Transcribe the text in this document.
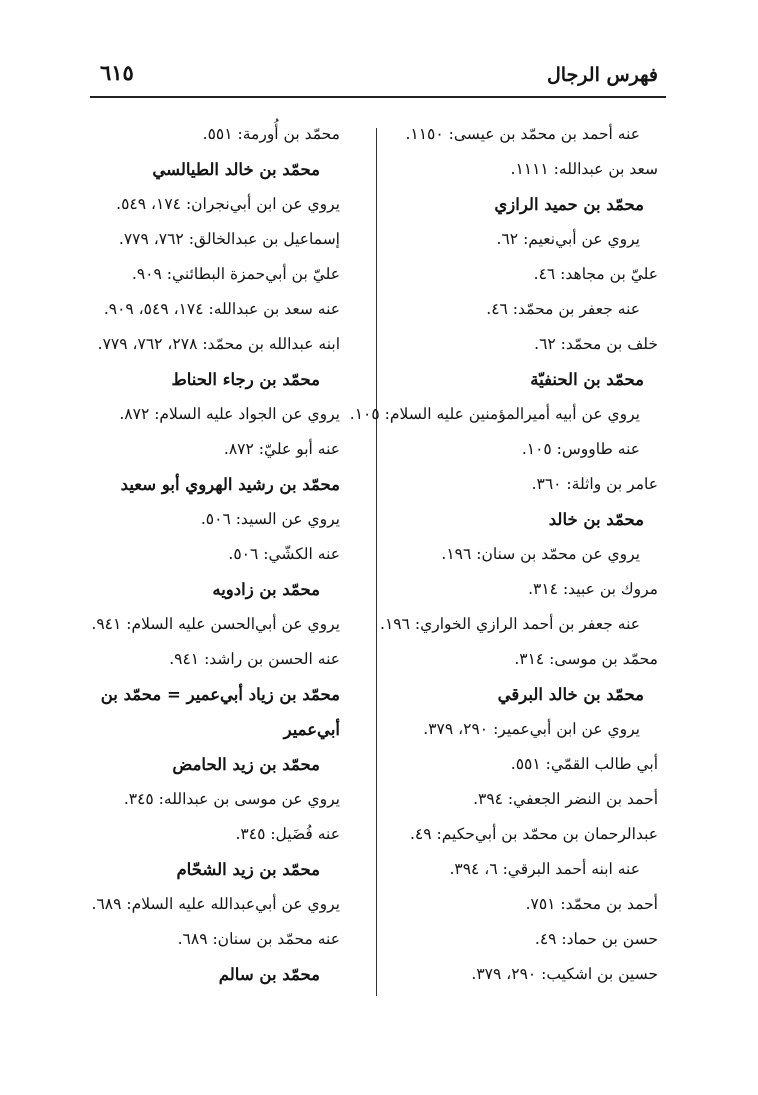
فهرس الرجال
٦١٥
عنه أحمد بن محمّد بن عيسى: ١١٥٠.
سعد بن عبدالله: ١١١١.
محمّد بن حميد الرازي
يروي عن أبي‌نعيم: ٦٢.
عليّ بن مجاهد: ٤٦.
عنه جعفر بن محمّد: ٤٦.
خلف بن محمّد: ٦٢.
محمّد بن الحنفيّة
يروي عن أبيه أميرالمؤمنين عليه السلام: ١٠٥.
عنه طاووس: ١٠٥.
عامر بن واثلة: ٣٦٠.
محمّد بن خالد
يروي عن محمّد بن سنان: ١٩٦.
مروك بن عبيد: ٣١٤.
عنه جعفر بن أحمد الرازي الخواري: ١٩٦.
محمّد بن موسى: ٣١٤.
محمّد بن خالد البرقي
يروي عن ابن أبي‌عمير: ٢٩٠، ٣٧٩.
أبي طالب القمّي: ٥٥١.
أحمد بن النضر الجعفي: ٣٩٤.
عبدالرحمان بن محمّد بن أبي‌حكيم: ٤٩.
عنه ابنه أحمد البرقي: ٦، ٣٩٤.
أحمد بن محمّد: ٧٥١.
حسن بن حماد: ٤٩.
حسين بن اشكيب: ٢٩٠، ٣٧٩.
محمّد بن أُورمة: ٥٥١.
محمّد بن خالد الطيالسي
يروي عن ابن أبي‌نجران: ١٧٤، ٥٤٩.
إسماعيل بن عبدالخالق: ٧٦٢، ٧٧٩.
عليّ بن أبي‌حمزة البطائني: ٩٠٩.
عنه سعد بن عبدالله: ١٧٤، ٥٤٩، ٩٠٩.
ابنه عبدالله بن محمّد: ٢٧٨، ٧٦٢، ٧٧٩.
محمّد بن رجاء الحناط
يروي عن الجواد عليه السلام: ٨٧٢.
عنه أبو عليّ: ٨٧٢.
محمّد بن رشيد الهروي أبو سعيد
يروي عن السيد: ٥٠٦.
عنه الكشّي: ٥٠٦.
محمّد بن زادويه
يروي عن أبي‌الحسن عليه السلام: ٩٤١.
عنه الحسن بن راشد: ٩٤١.
محمّد بن زياد أبي‌عمير = محمّد بن
أبي‌عمير
محمّد بن زيد الحامض
يروي عن موسى بن عبدالله: ٣٤٥.
عنه فُضَيل: ٣٤٥.
محمّد بن زيد الشحّام
يروي عن أبي‌عبدالله عليه السلام: ٦٨٩.
عنه محمّد بن سنان: ٦٨٩.
محمّد بن سالم
